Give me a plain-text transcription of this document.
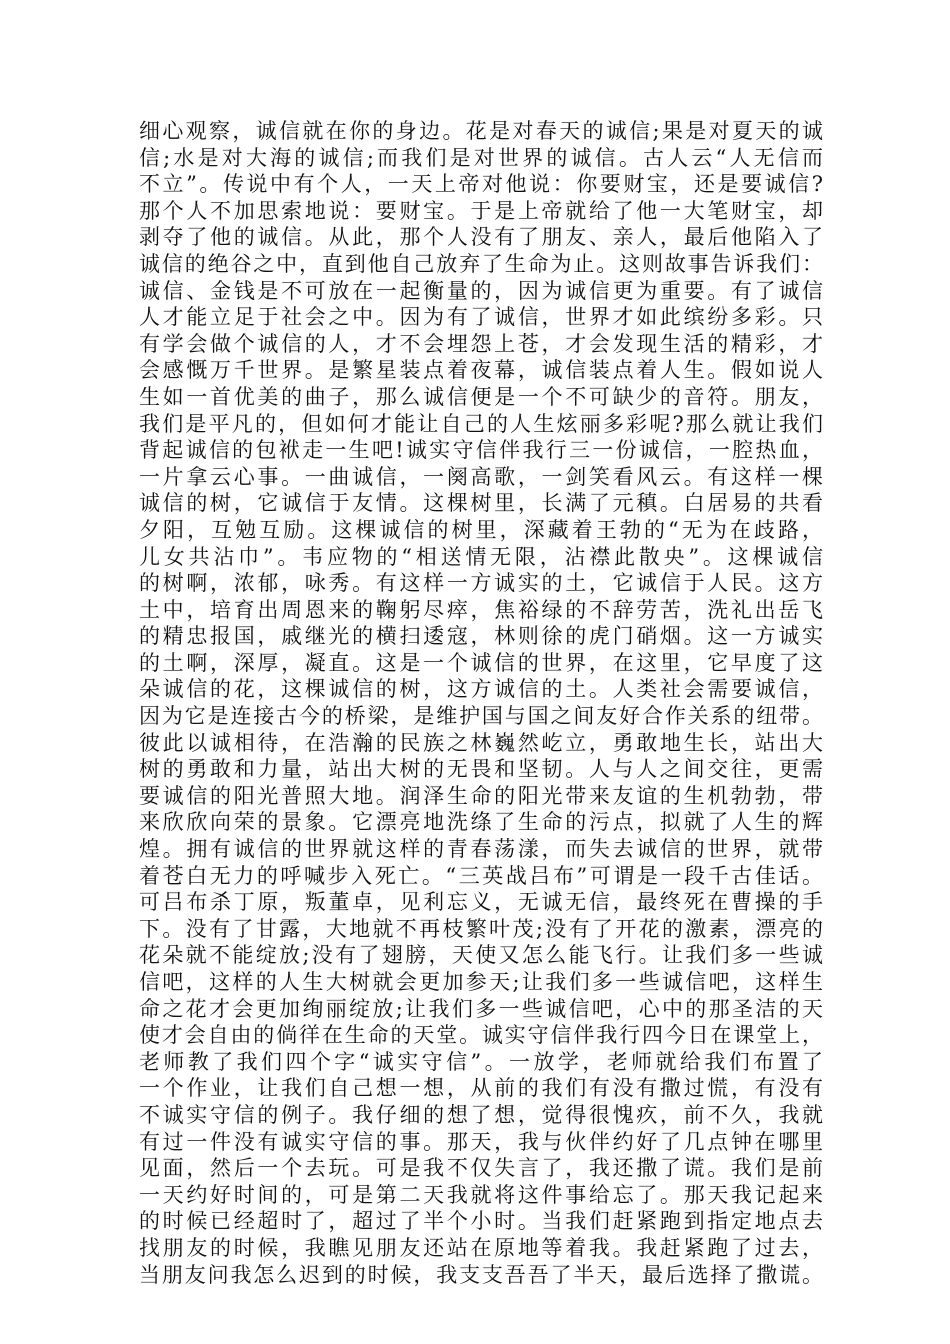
细心观察，诚信就在你的身边。花是对春天的诚信;果是对夏天的诚
信;水是对大海的诚信;而我们是对世界的诚信。古人云“人无信而
不立”。传说中有个人，一天上帝对他说：你要财宝，还是要诚信?
那个人不加思索地说：要财宝。于是上帝就给了他一大笔财宝，却
剥夺了他的诚信。从此，那个人没有了朋友、亲人，最后他陷入了
诚信的绝谷之中，直到他自己放弃了生命为止。这则故事告诉我们：
诚信、金钱是不可放在一起衡量的，因为诚信更为重要。有了诚信
人才能立足于社会之中。因为有了诚信，世界才如此缤纷多彩。只
有学会做个诚信的人，才不会埋怨上苍，才会发现生活的精彩，才
会感慨万千世界。是繁星装点着夜幕，诚信装点着人生。假如说人
生如一首优美的曲子，那么诚信便是一个不可缺少的音符。朋友，
我们是平凡的，但如何才能让自己的人生炫丽多彩呢?那么就让我们
背起诚信的包袱走一生吧!诚实守信伴我行三一份诚信，一腔热血，
一片拿云心事。一曲诚信，一阕高歌，一剑笑看风云。有这样一棵
诚信的树，它诚信于友情。这棵树里，长满了元稹。白居易的共看
夕阳，互勉互励。这棵诚信的树里，深藏着王勃的“无为在歧路，
儿女共沾巾”。韦应物的“相送情无限，沾襟此散央”。这棵诚信
的树啊，浓郁，咏秀。有这样一方诚实的土，它诚信于人民。这方
土中，培育出周恩来的鞠躬尽瘁，焦裕绿的不辞劳苦，洗礼出岳飞
的精忠报国，戚继光的横扫逶寇，林则徐的虎门硝烟。这一方诚实
的土啊，深厚，凝直。这是一个诚信的世界，在这里，它早度了这
朵诚信的花，这棵诚信的树，这方诚信的土。人类社会需要诚信，
因为它是连接古今的桥梁，是维护国与国之间友好合作关系的纽带。
彼此以诚相待，在浩瀚的民族之林巍然屹立，勇敢地生长，站出大
树的勇敢和力量，站出大树的无畏和坚韧。人与人之间交往，更需
要诚信的阳光普照大地。润泽生命的阳光带来友谊的生机勃勃，带
来欣欣向荣的景象。它漂亮地洗绦了生命的污点，拟就了人生的辉
煌。拥有诚信的世界就这样的青春荡漾，而失去诚信的世界，就带
着苍白无力的呼喊步入死亡。“三英战吕布”可谓是一段千古佳话。
可吕布杀丁原，叛董卓，见利忘义，无诚无信，最终死在曹操的手
下。没有了甘露，大地就不再枝繁叶茂;没有了开花的激素，漂亮的
花朵就不能绽放;没有了翅膀，天使又怎么能飞行。让我们多一些诚
信吧，这样的人生大树就会更加参天;让我们多一些诚信吧，这样生
命之花才会更加绚丽绽放;让我们多一些诚信吧，心中的那圣洁的天
使才会自由的倘徉在生命的天堂。诚实守信伴我行四今日在课堂上，
老师教了我们四个字“诚实守信”。一放学，老师就给我们布置了
一个作业，让我们自己想一想，从前的我们有没有撒过慌，有没有
不诚实守信的例子。我仔细的想了想，觉得很愧疚，前不久，我就
有过一件没有诚实守信的事。那天，我与伙伴约好了几点钟在哪里
见面，然后一个去玩。可是我不仅失言了，我还撒了谎。我们是前
一天约好时间的，可是第二天我就将这件事给忘了。那天我记起来
的时候已经超时了，超过了半个小时。当我们赶紧跑到指定地点去
找朋友的时候，我瞧见朋友还站在原地等着我。我赶紧跑了过去，
当朋友问我怎么迟到的时候，我支支吾吾了半天，最后选择了撒谎。
